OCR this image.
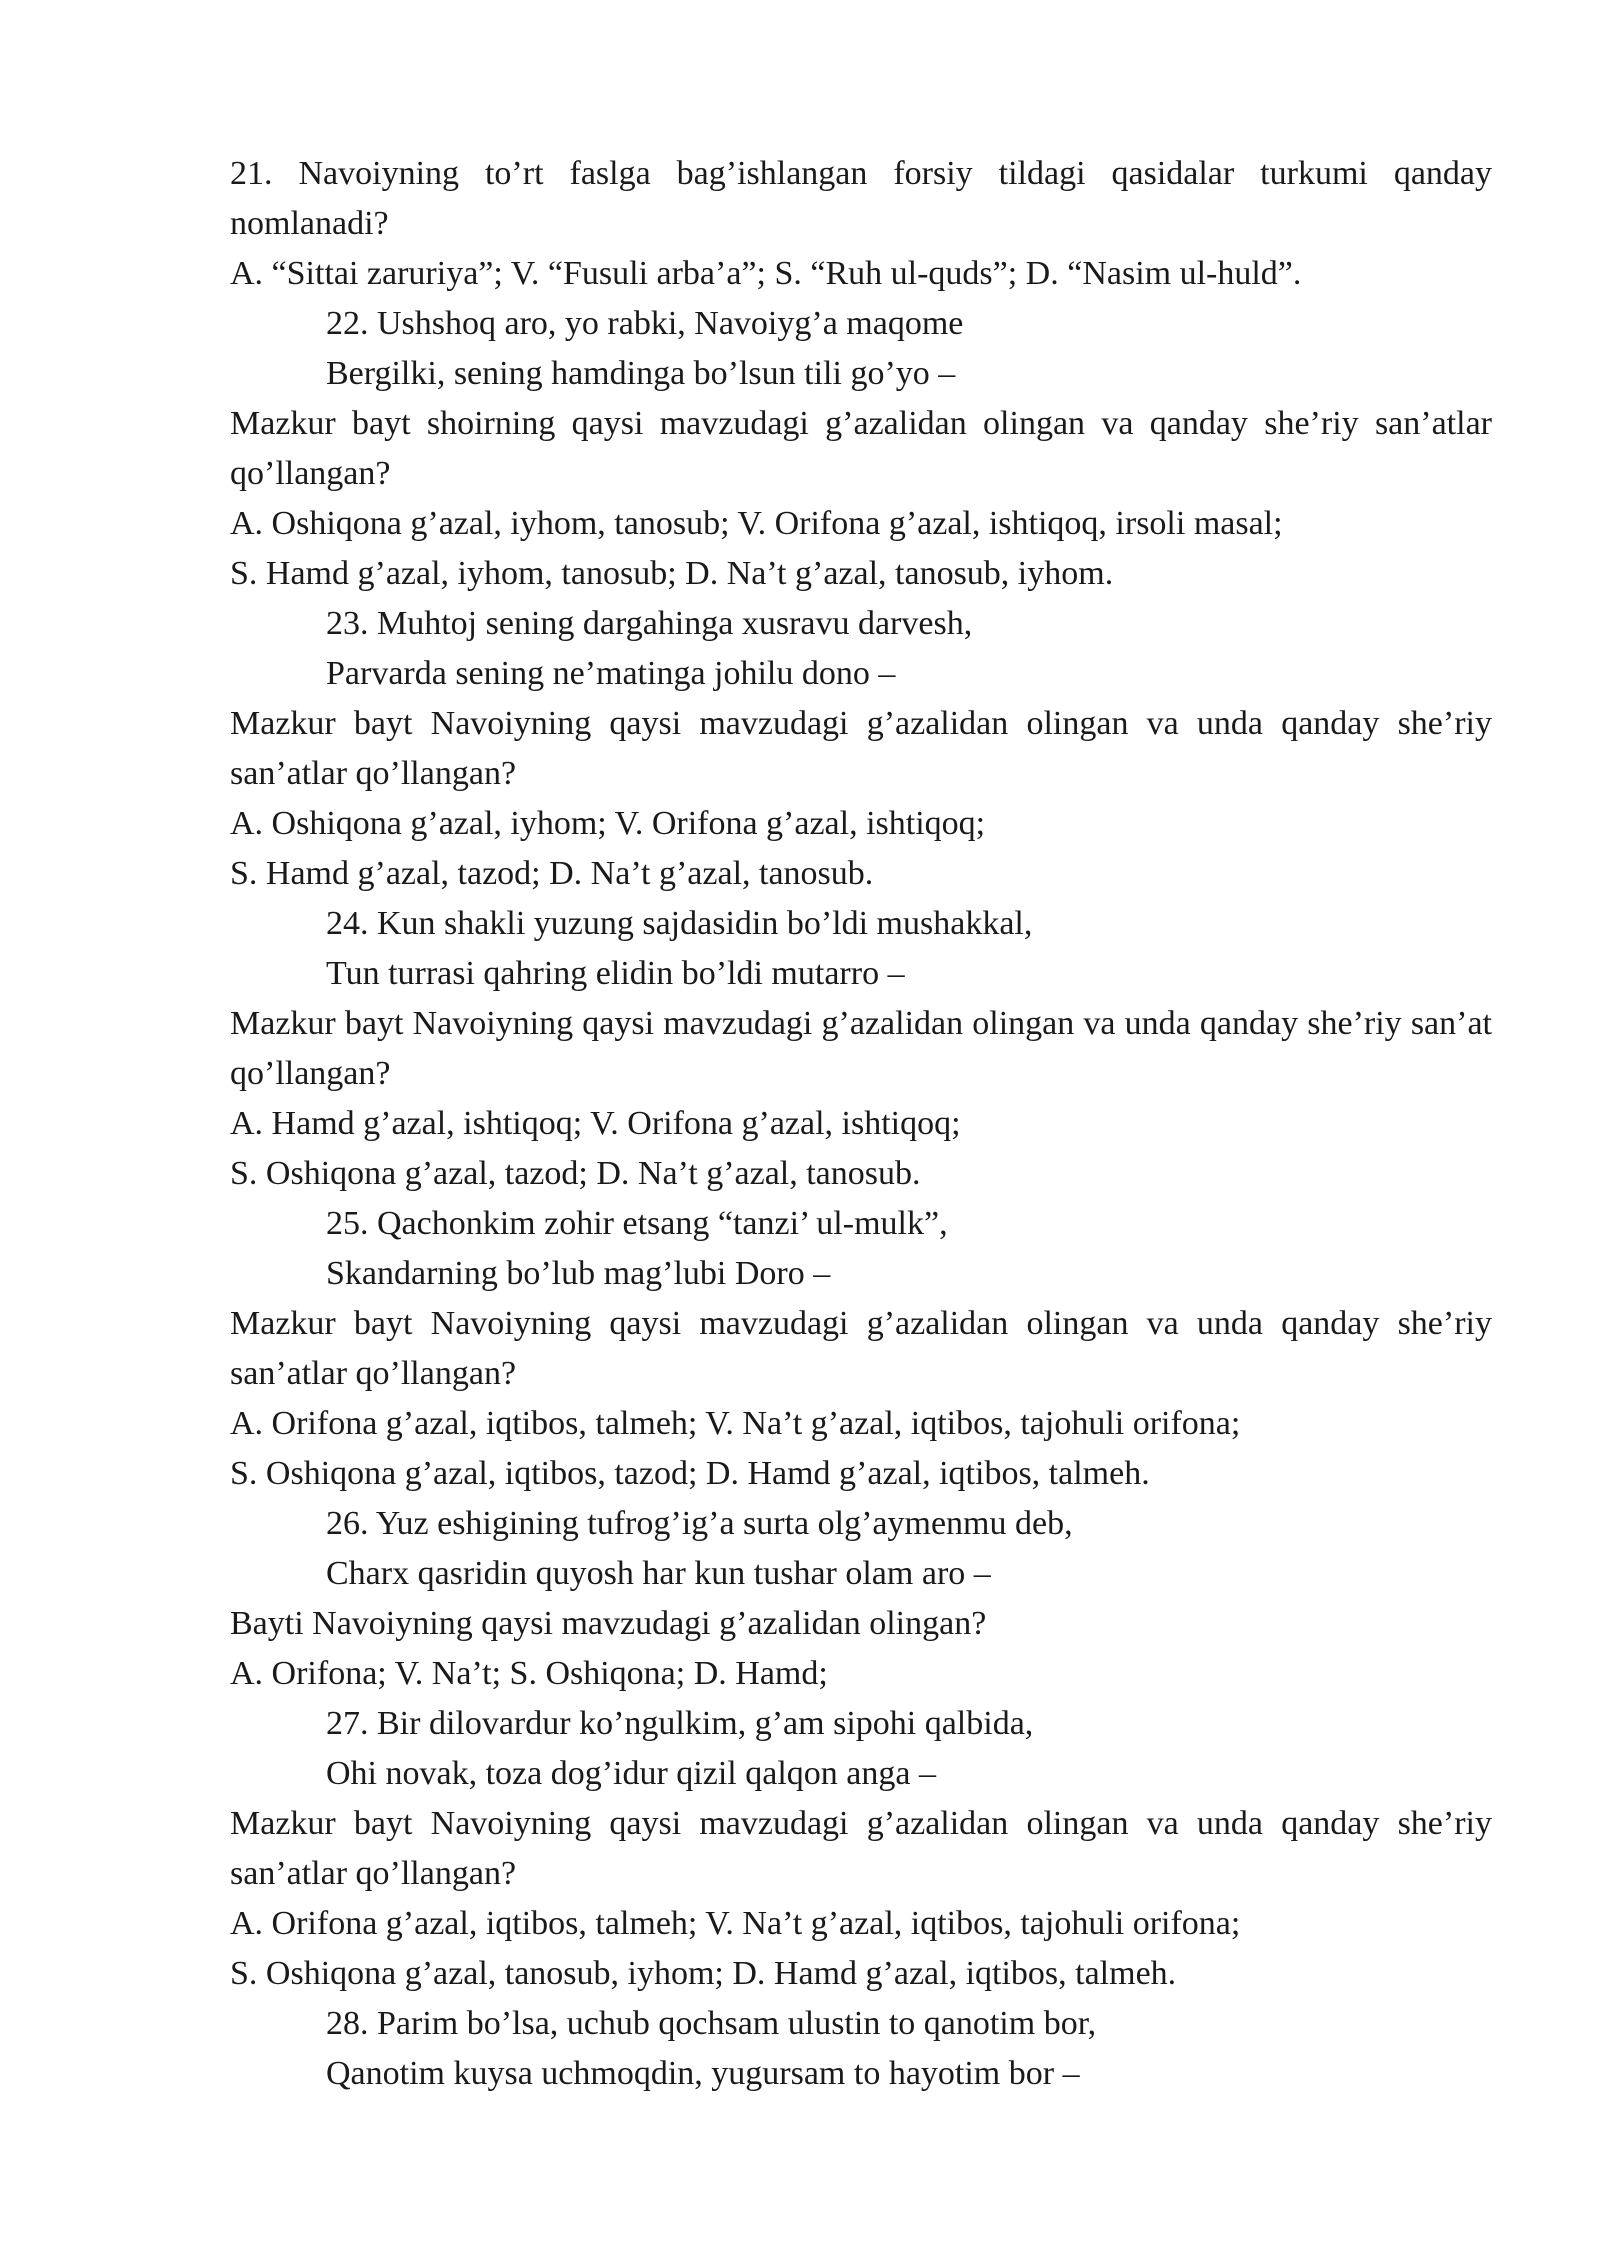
21. Navoiyning to’rt faslga bag’ishlangan forsiy tildagi qasidalar turkumi qanday nomlanadi?

A. “Sittai zaruriya”; V. “Fusuli arba’a”; S. “Ruh ul-quds”; D. “Nasim ul-huld”.

22. Ushshoq aro, yo rabki, Navoiyg’a maqome

Bergilki, sening hamdinga bo’lsun tili go’yo –

Mazkur bayt shoirning qaysi mavzudagi g’azalidan olingan va qanday she’riy san’atlar qo’llangan?

A. Oshiqona g’azal, iyhom, tanosub; V. Orifona g’azal, ishtiqoq, irsoli masal;

S. Hamd g’azal, iyhom, tanosub; D. Na’t g’azal, tanosub, iyhom.

23. Muhtoj sening dargahinga xusravu darvesh,

Parvarda sening ne’matinga johilu dono –

Mazkur bayt Navoiyning qaysi mavzudagi g’azalidan olingan va unda qanday she’riy san’atlar qo’llangan?

A. Oshiqona g’azal, iyhom; V. Orifona g’azal, ishtiqoq;

S. Hamd g’azal, tazod; D. Na’t g’azal, tanosub.

24. Kun shakli yuzung sajdasidin bo’ldi mushakkal,

Tun turrasi qahring elidin bo’ldi mutarro –

Mazkur bayt Navoiyning qaysi mavzudagi g’azalidan olingan va unda qanday she’riy san’at qo’llangan?

A. Hamd g’azal, ishtiqoq; V. Orifona g’azal, ishtiqoq;

S. Oshiqona g’azal, tazod; D. Na’t g’azal, tanosub.

25. Qachonkim zohir etsang “tanzi’ ul-mulk”,

Skandarning bo’lub mag’lubi Doro –

Mazkur bayt Navoiyning qaysi mavzudagi g’azalidan olingan va unda qanday she’riy san’atlar qo’llangan?

A. Orifona g’azal, iqtibos, talmeh; V. Na’t g’azal, iqtibos, tajohuli orifona;

S. Oshiqona g’azal, iqtibos, tazod; D. Hamd g’azal, iqtibos, talmeh.

26. Yuz eshigining tufrog’ig’a surta olg’aymenmu deb,

Charx qasridin quyosh har kun tushar olam aro –

Bayti Navoiyning qaysi mavzudagi g’azalidan olingan?

A. Orifona; V. Na’t; S. Oshiqona; D. Hamd;

27. Bir dilovardur ko’ngulkim, g’am sipohi qalbida,

Ohi novak, toza dog’idur qizil qalqon anga –

Mazkur bayt Navoiyning qaysi mavzudagi g’azalidan olingan va unda qanday she’riy san’atlar qo’llangan?

A. Orifona g’azal, iqtibos, talmeh; V. Na’t g’azal, iqtibos, tajohuli orifona;

S. Oshiqona g’azal, tanosub, iyhom; D. Hamd g’azal, iqtibos, talmeh.

28. Parim bo’lsa, uchub qochsam ulustin to qanotim bor,

Qanotim kuysa uchmoqdin, yugursam to hayotim bor –
